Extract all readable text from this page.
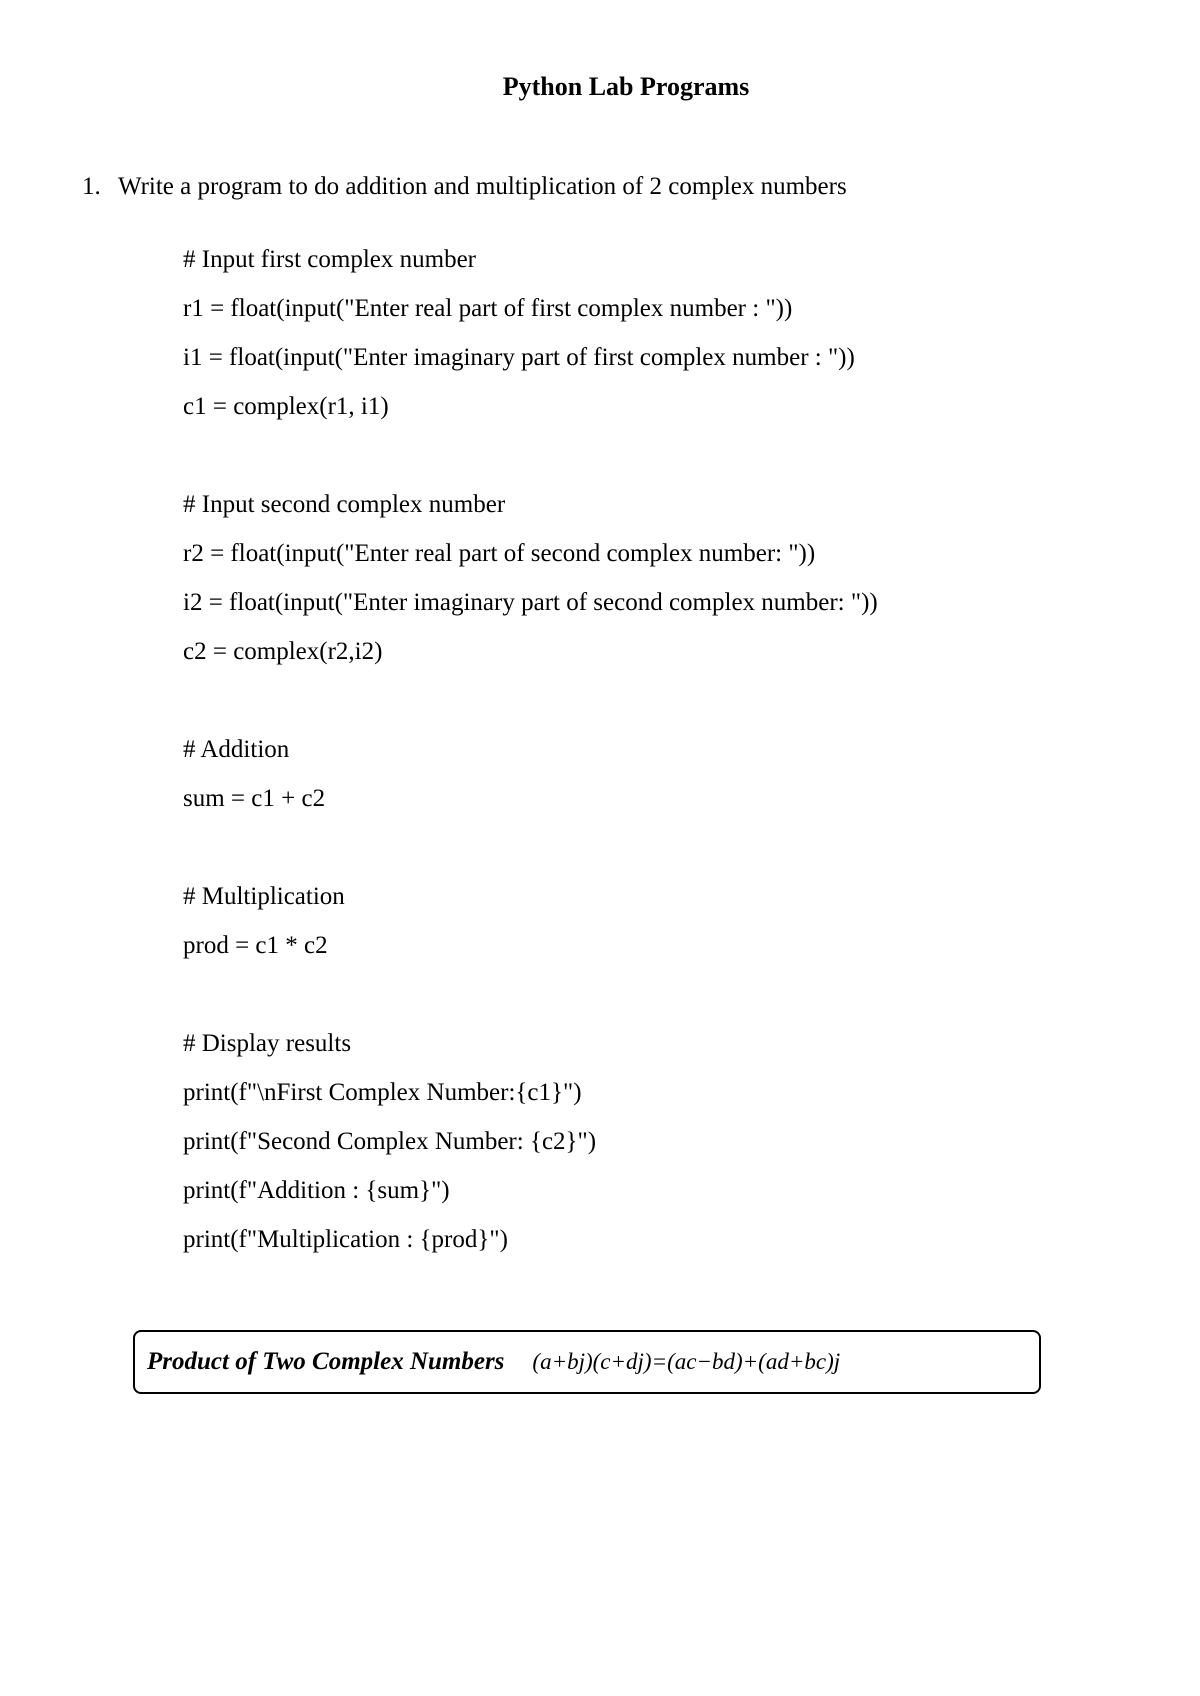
Python Lab Programs
1. Write a program to do addition and multiplication of 2 complex numbers
# Input first complex number
r1 = float(input("Enter real part of first complex number : "))
i1 = float(input("Enter imaginary part of first complex number : "))
c1 = complex(r1, i1)
# Input second complex number
r2 = float(input("Enter real part of second complex number: "))
i2 = float(input("Enter imaginary part of second complex number: "))
c2 = complex(r2,i2)
# Addition
sum = c1 + c2
# Multiplication
prod = c1 * c2
# Display results
print(f"\nFirst Complex Number:{c1}")
print(f"Second Complex Number: {c2}")
print(f"Addition : {sum}")
print(f"Multiplication : {prod}")
Product of Two Complex Numbers (a+bj)(c+dj)=(ac−bd)+(ad+bc)j
